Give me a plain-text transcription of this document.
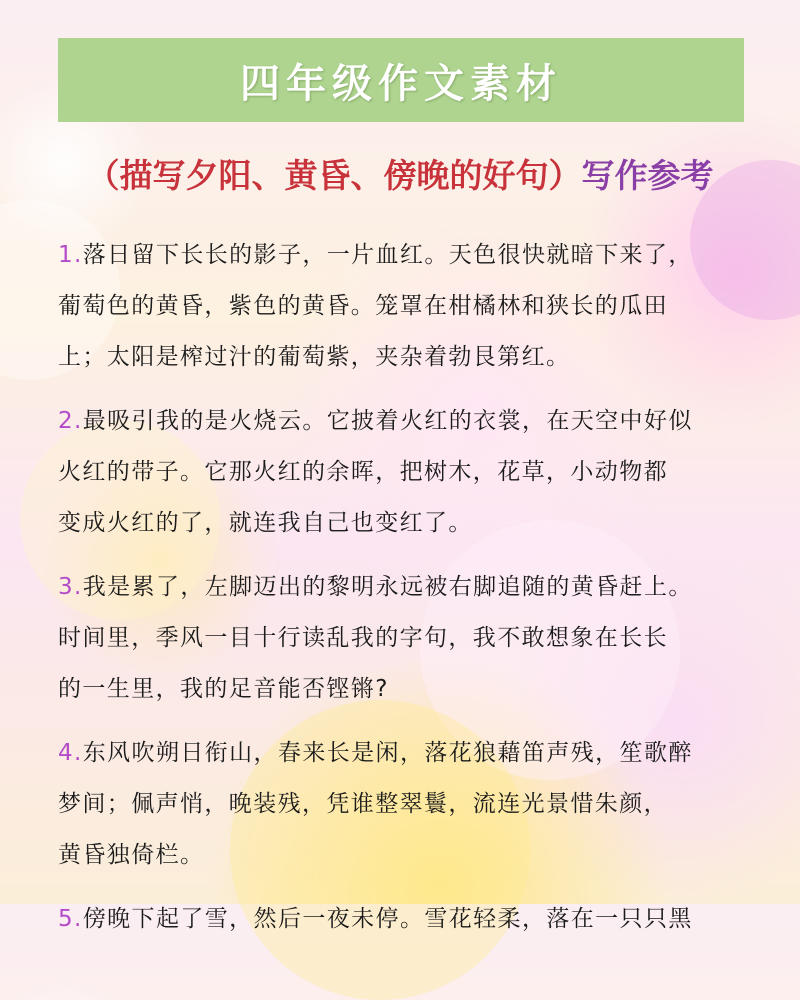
四年级作文素材
（描写夕阳、黄昏、傍晚的好句）写作参考
1.落日留下长长的影子，一片血红。天色很快就暗下来了，
葡萄色的黄昏，紫色的黄昏。笼罩在柑橘林和狭长的瓜田
上；太阳是榨过汁的葡萄紫，夹杂着勃艮第红。
2.最吸引我的是火烧云。它披着火红的衣裳，在天空中好似
火红的带子。它那火红的余晖，把树木，花草，小动物都
变成火红的了，就连我自己也变红了。
3.我是累了，左脚迈出的黎明永远被右脚追随的黄昏赶上。
时间里，季风一目十行读乱我的字句，我不敢想象在长长
的一生里，我的足音能否铿锵?
4.东风吹朔日衔山，春来长是闲，落花狼藉笛声残，笙歌醉
梦间；佩声悄，晚装残，凭谁整翠鬟，流连光景惜朱颜，
黄昏独倚栏。
5.傍晚下起了雪，然后一夜未停。雪花轻柔，落在一只只黑
